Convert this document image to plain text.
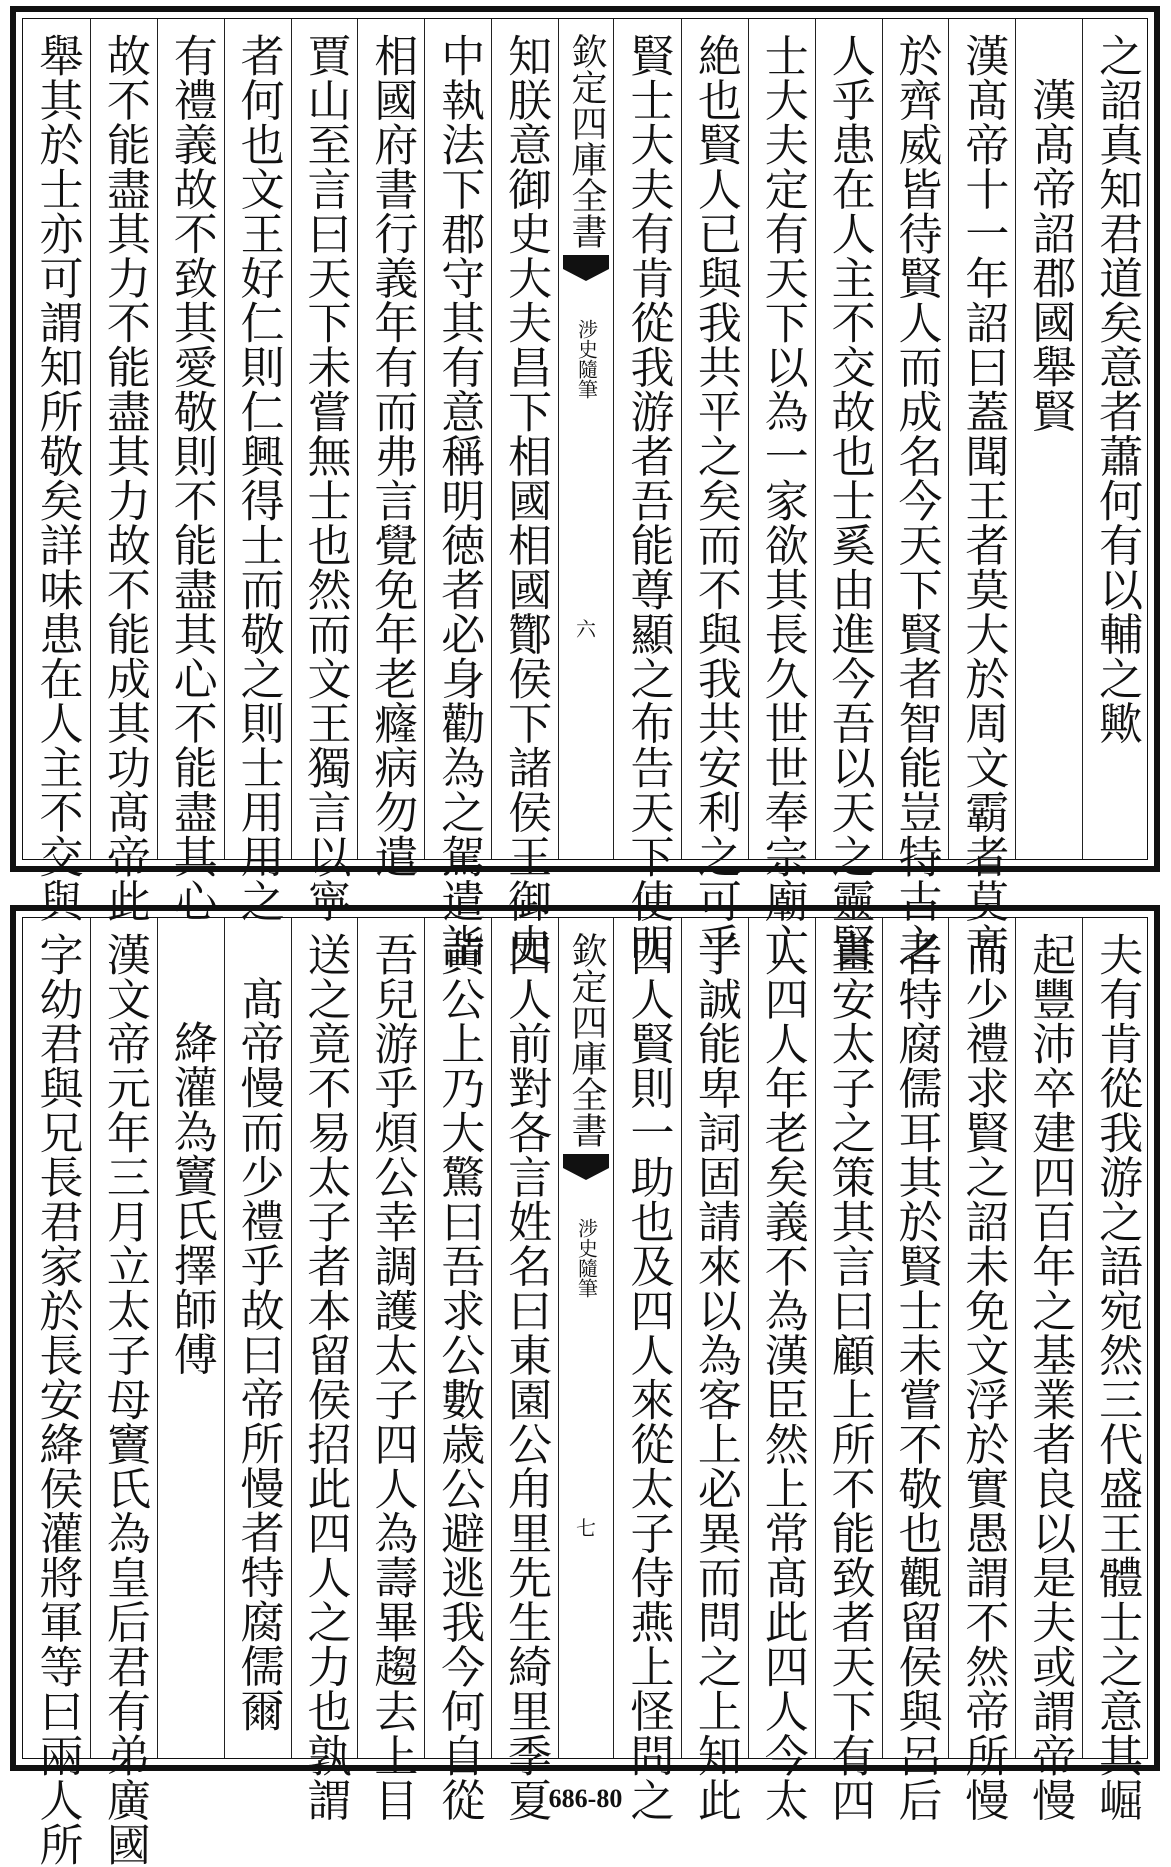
知朕意御史大夫昌下相國相國酇侯下諸侯王御史
中執法下郡守其有意稱明徳者必身勸為之駕遣詣
相國府書行義年有而弗言覺免年老癃病勿遣
賈山至言曰天下未嘗無士也然而文王獨言以寧
者何也文王好仁則仁興得士而敬之則士用用之
有禮義故不致其愛敬則不能盡其心不能盡其心
故不能盡其力不能盡其力故不能成其功髙帝此
舉其於士亦可謂知所敬矣詳味患在人主不交與	欽定四庫全書
涉史隨筆
六	之詔真知君道矣意者蕭何有以輔之歟
漢髙帝詔郡國舉賢
漢髙帝十一年詔曰蓋聞王者莫大於周文霸者莫髙
於齊威皆待賢人而成名今天下賢者智能豈特古之
人乎患在人主不交故也士奚由進今吾以天之靈賢
士大夫定有天下以為一家欲其長久世世奉宗廟亡
絶也賢人已與我共平之矣而不與我共安利之可乎
賢士大夫有肯從我游者吾能尊顯之布告天下使明
四人前對各言姓名曰東園公甪里先生綺里季夏
黄公上乃大驚曰吾求公數歳公避逃我今何自從
吾兒游乎煩公幸調護太子四人為壽畢趨去上目
送之竟不易太子者本留侯招此四人之力也孰謂
髙帝慢而少禮乎故曰帝所慢者特腐儒爾
絳灌為竇氏擇師傅
漢文帝元年三月立太子母竇氏為皇后君有弟廣國
字幼君與兄長君家於長安絳侯灌將軍等曰兩人所	欽定四庫全書
涉史隨筆
七	夫有肯從我游之語宛然三代盛王體士之意其崛
起豐沛卒建四百年之基業者良以是夫或謂帝慢
而少禮求賢之詔未免文浮於實愚謂不然帝所慢
者特腐儒耳其於賢士未嘗不敬也觀留侯與呂后
畫安太子之策其言曰顧上所不能致者天下有四
人四人年老矣義不為漢臣然上常髙此四人今太
子誠能卑詞固請來以為客上必異而問之上知此
四人賢則一助也及四人來從太子侍燕上怪問之
686-80
